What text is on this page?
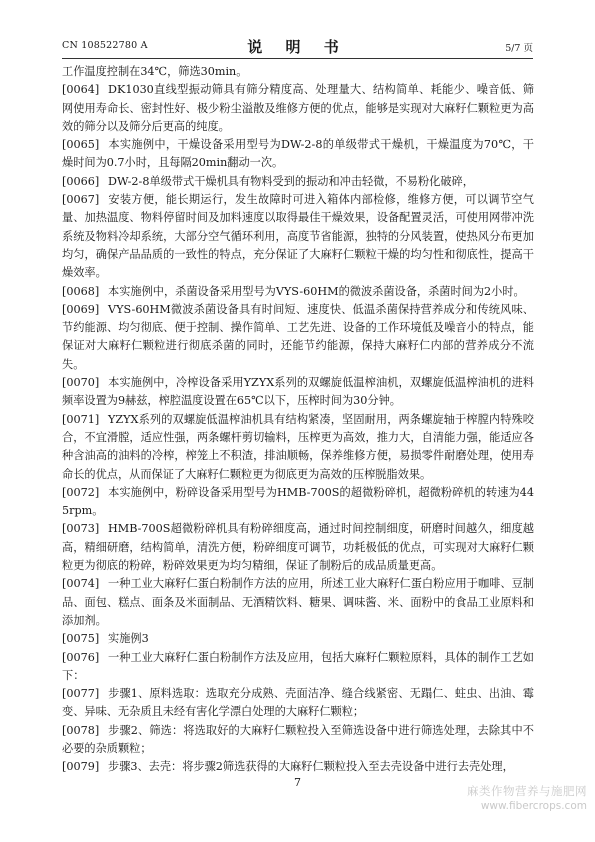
CN 108522780 A	说 明 书	5/7 页

工作温度控制在34℃，筛选30min。

[0064] DK1030直线型振动筛具有筛分精度高、处理量大、结构简单、耗能少、噪音低、筛网使用寿命长、密封性好、极少粉尘溢散及维修方便的优点，能够是实现对大麻籽仁颗粒更为高效的筛分以及筛分后更高的纯度。

[0065] 本实施例中，干燥设备采用型号为DW-2-8的单级带式干燥机，干燥温度为70℃，干燥时间为0.7小时，且每隔20min翻动一次。

[0066] DW-2-8单级带式干燥机具有物料受到的振动和冲击轻微，不易粉化破碎，

[0067] 安装方便，能长期运行，发生故障时可进入箱体内部检修，维修方便，可以调节空气量、加热温度、物料停留时间及加料速度以取得最佳干燥效果，设备配置灵活，可使用网带冲洗系统及物料冷却系统，大部分空气循环利用，高度节省能源，独特的分风装置，使热风分布更加均匀，确保产品品质的一致性的特点，充分保证了大麻籽仁颗粒干燥的均匀性和彻底性，提高干燥效率。

[0068] 本实施例中，杀菌设备采用型号为VYS-60HM的微波杀菌设备，杀菌时间为2小时。

[0069] VYS-60HM微波杀菌设备具有时间短、速度快、低温杀菌保持营养成分和传统风味、节约能源、均匀彻底、便于控制、操作简单、工艺先进、设备的工作环境低及噪音小的特点，能保证对大麻籽仁颗粒进行彻底杀菌的同时，还能节约能源，保持大麻籽仁内部的营养成分不流失。

[0070] 本实施例中，冷榨设备采用YZYX系列的双螺旋低温榨油机，双螺旋低温榨油机的进料频率设置为9赫兹，榨腔温度设置在65℃以下，压榨时间为30分钟。

[0071] YZYX系列的双螺旋低温榨油机具有结构紧凑，坚固耐用，两条螺旋轴于榨膛内特殊咬合，不宜滑膛，适应性强，两条螺杆剪切输料，压榨更为高效，推力大，自清能力强，能适应各种含油高的油料的冷榨，榨笼上不积渣，排油顺畅，保养维修方便，易损零件耐磨处理，使用寿命长的优点，从而保证了大麻籽仁颗粒更为彻底更为高效的压榨脱脂效果。

[0072] 本实施例中，粉碎设备采用型号为HMB-700S的超微粉碎机，超微粉碎机的转速为445rpm。

[0073] HMB-700S超微粉碎机具有粉碎细度高，通过时间控制细度，研磨时间越久，细度越高，精细研磨，结构简单，清洗方便，粉碎细度可调节，功耗极低的优点，可实现对大麻籽仁颗粒更为彻底的粉碎，粉碎效果更为均匀精细，保证了制粉后的成品质量更高。

[0074] 一种工业大麻籽仁蛋白粉制作方法的应用，所述工业大麻籽仁蛋白粉应用于咖啡、豆制品、面包、糕点、面条及米面制品、无酒精饮料、糖果、调味酱、米、面粉中的食品工业原料和添加剂。

[0075] 实施例3

[0076] 一种工业大麻籽仁蛋白粉制作方法及应用，包括大麻籽仁颗粒原料，具体的制作工艺如下：

[0077] 步骤1、原料选取：选取充分成熟、壳面洁净、缝合线紧密、无蹋仁、蛀虫、出油、霉变、异味、无杂质且未经有害化学漂白处理的大麻籽仁颗粒；

[0078] 步骤2、筛选：将选取好的大麻籽仁颗粒投入至筛选设备中进行筛选处理，去除其中不必要的杂质颗粒；

[0079] 步骤3、去壳：将步骤2筛选获得的大麻籽仁颗粒投入至去壳设备中进行去壳处理，

7
麻类作物营养与施肥网
www.fibercrops.com
